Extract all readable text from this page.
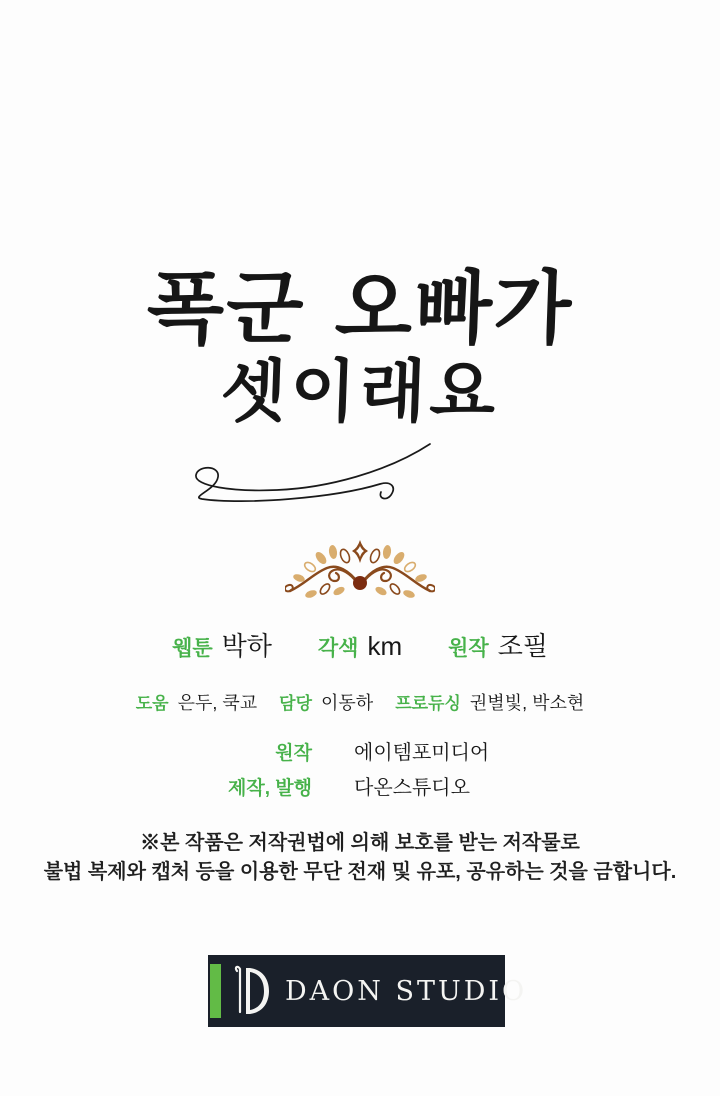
폭군 오빠가
셋이래요
웹툰 박하 각색 km 원작 조필
도움 은두, 쿡교 담당 이동하 프로듀싱 권별빛, 박소현
원작 에이템포미디어
제작, 발행 다온스튜디오
※본 작품은 저작권법에 의해 보호를 받는 저작물로
불법 복제와 캡처 등을 이용한 무단 전재 및 유포, 공유하는 것을 금합니다.
DAON STUDIO
